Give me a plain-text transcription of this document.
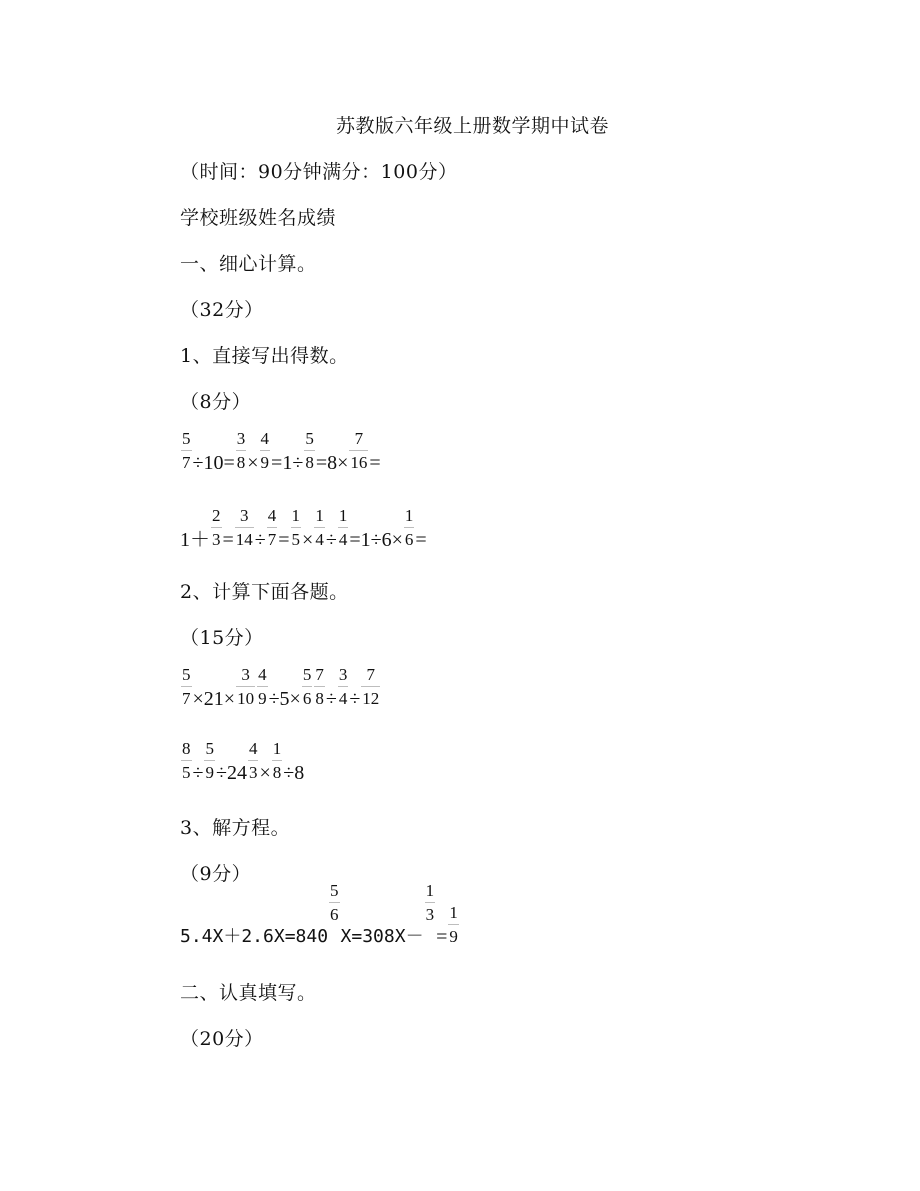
苏教版六年级上册数学期中试卷
（时间：90分钟满分：100分）
学校班级姓名成绩
一、细心计算。
（32分）
1、直接写出得数。
（8分）
$\frac{5}{7} \div 10= \frac{3}{8} \times \frac{4}{9} =1\div \frac{5}{8} =8\times \frac{7}{16}$ =
$1+ \frac{2}{3} = \frac{3}{14} \div \frac{4}{7} = \frac{1}{5} \times \frac{1}{4} \div \frac{1}{4} =1\div 6\times \frac{1}{6}$ =
2、计算下面各题。
（15分）
$\frac{5}{7} \times 21\times \frac{3}{10} \frac{4}{9} \div 5\times \frac{5}{6} \frac{7}{8} \div \frac{3}{4} \div \frac{7}{12}$
$\frac{8}{5} \div \frac{5}{9} \div 24 \frac{4}{3} \times \frac{1}{8} \div 8$
3、解方程。
（9分）
5.4X＋2.6X=840
$\frac{5}{6}$
X=308X－
$\frac{1}{3}$
= $\frac{1}{9}$
二、认真填写。
（20分）
